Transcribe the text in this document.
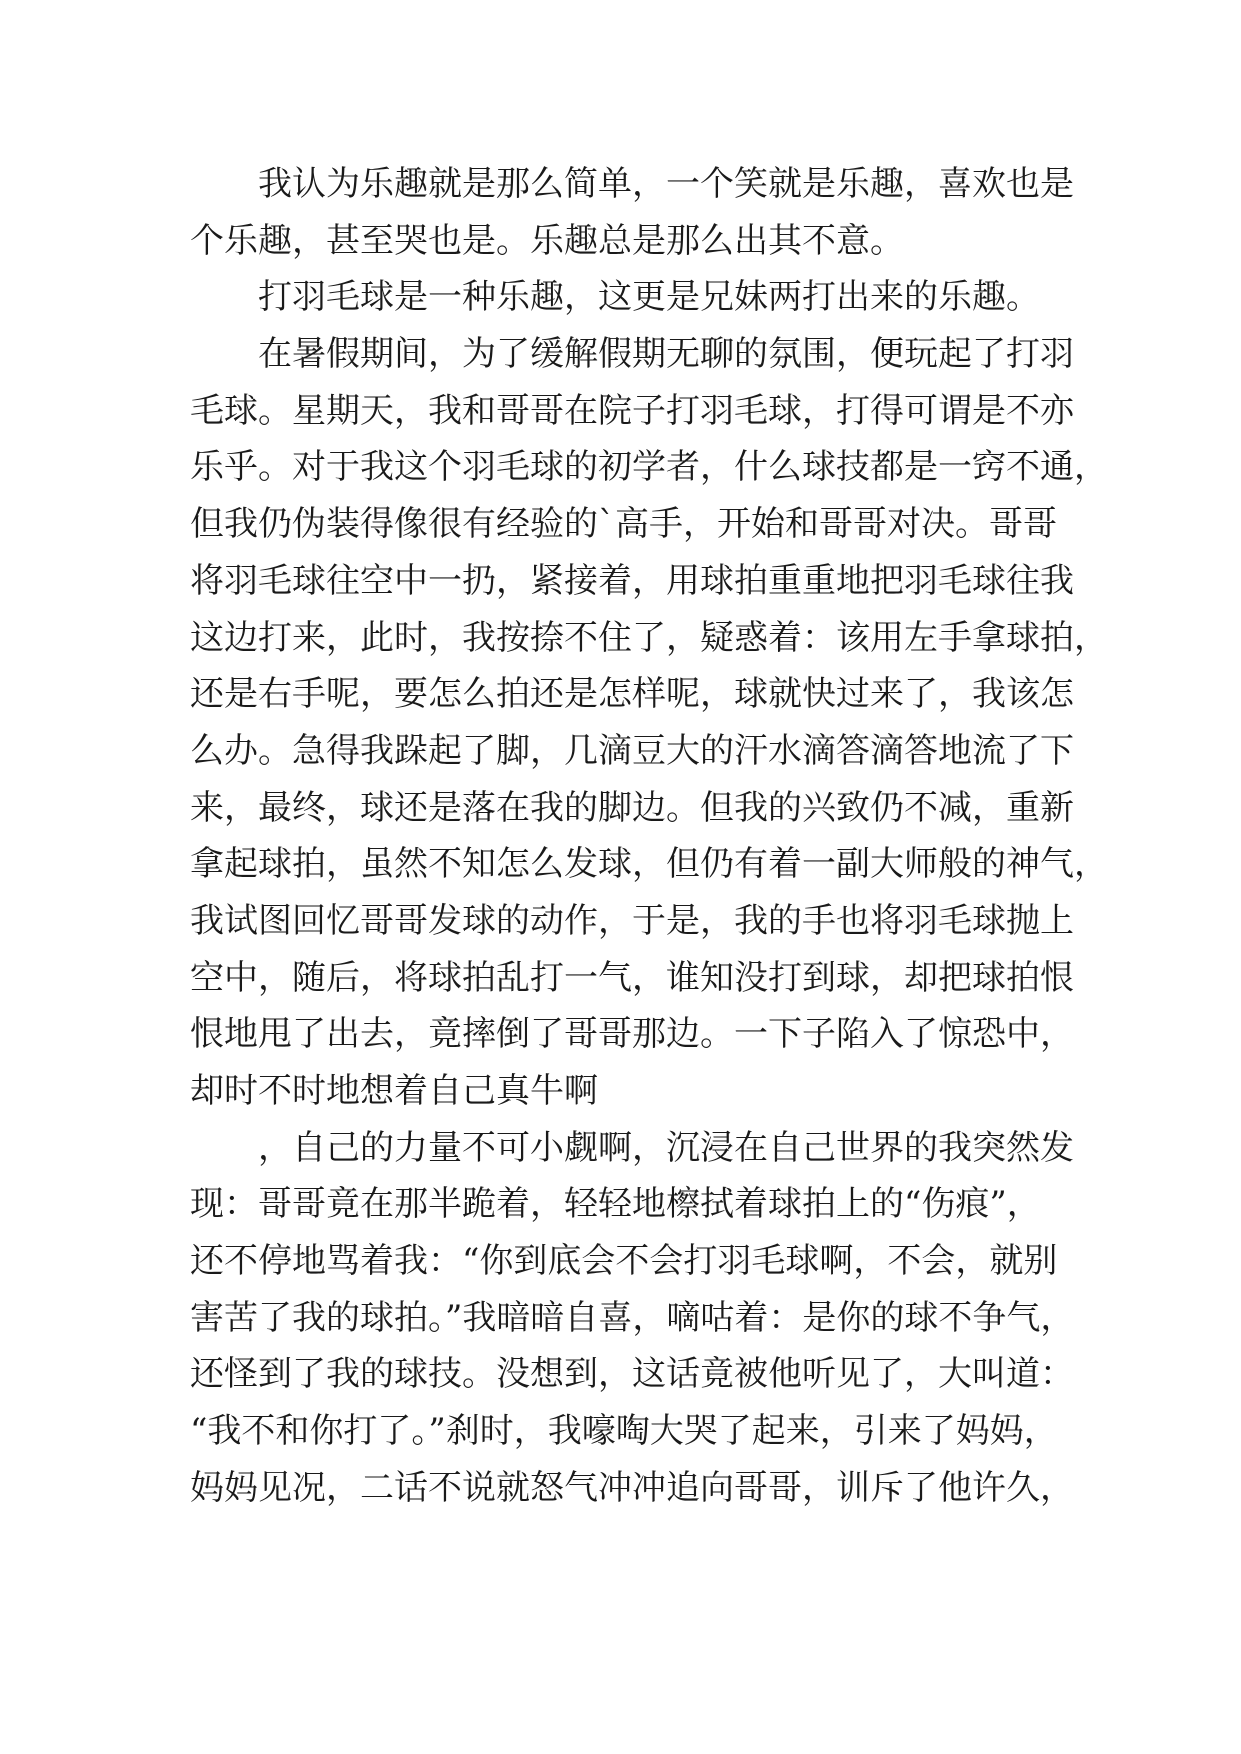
　　我认为乐趣就是那么简单，一个笑就是乐趣，喜欢也是
个乐趣，甚至哭也是。乐趣总是那么出其不意。
　　打羽毛球是一种乐趣，这更是兄妹两打出来的乐趣。
　　在暑假期间，为了缓解假期无聊的氛围，便玩起了打羽
毛球。星期天，我和哥哥在院子打羽毛球，打得可谓是不亦
乐乎。对于我这个羽毛球的初学者，什么球技都是一窍不通，
但我仍伪装得像很有经验的`高手，开始和哥哥对决。哥哥
将羽毛球往空中一扔，紧接着，用球拍重重地把羽毛球往我
这边打来，此时，我按捺不住了，疑惑着：该用左手拿球拍，
还是右手呢，要怎么拍还是怎样呢，球就快过来了，我该怎
么办。急得我跺起了脚，几滴豆大的汗水滴答滴答地流了下
来，最终，球还是落在我的脚边。但我的兴致仍不减，重新
拿起球拍，虽然不知怎么发球，但仍有着一副大师般的神气，
我试图回忆哥哥发球的动作，于是，我的手也将羽毛球抛上
空中，随后，将球拍乱打一气，谁知没打到球，却把球拍恨
恨地甩了出去，竟摔倒了哥哥那边。一下子陷入了惊恐中，
却时不时地想着自己真牛啊
　　，自己的力量不可小觑啊，沉浸在自己世界的我突然发
现：哥哥竟在那半跪着，轻轻地檫拭着球拍上的“伤痕”，
还不停地骂着我：“你到底会不会打羽毛球啊，不会，就别
害苦了我的球拍。”我暗暗自喜，嘀咕着：是你的球不争气，
还怪到了我的球技。没想到，这话竟被他听见了，大叫道：
“我不和你打了。”刹时，我嚎啕大哭了起来，引来了妈妈，
妈妈见况，二话不说就怒气冲冲追向哥哥，训斥了他许久，
